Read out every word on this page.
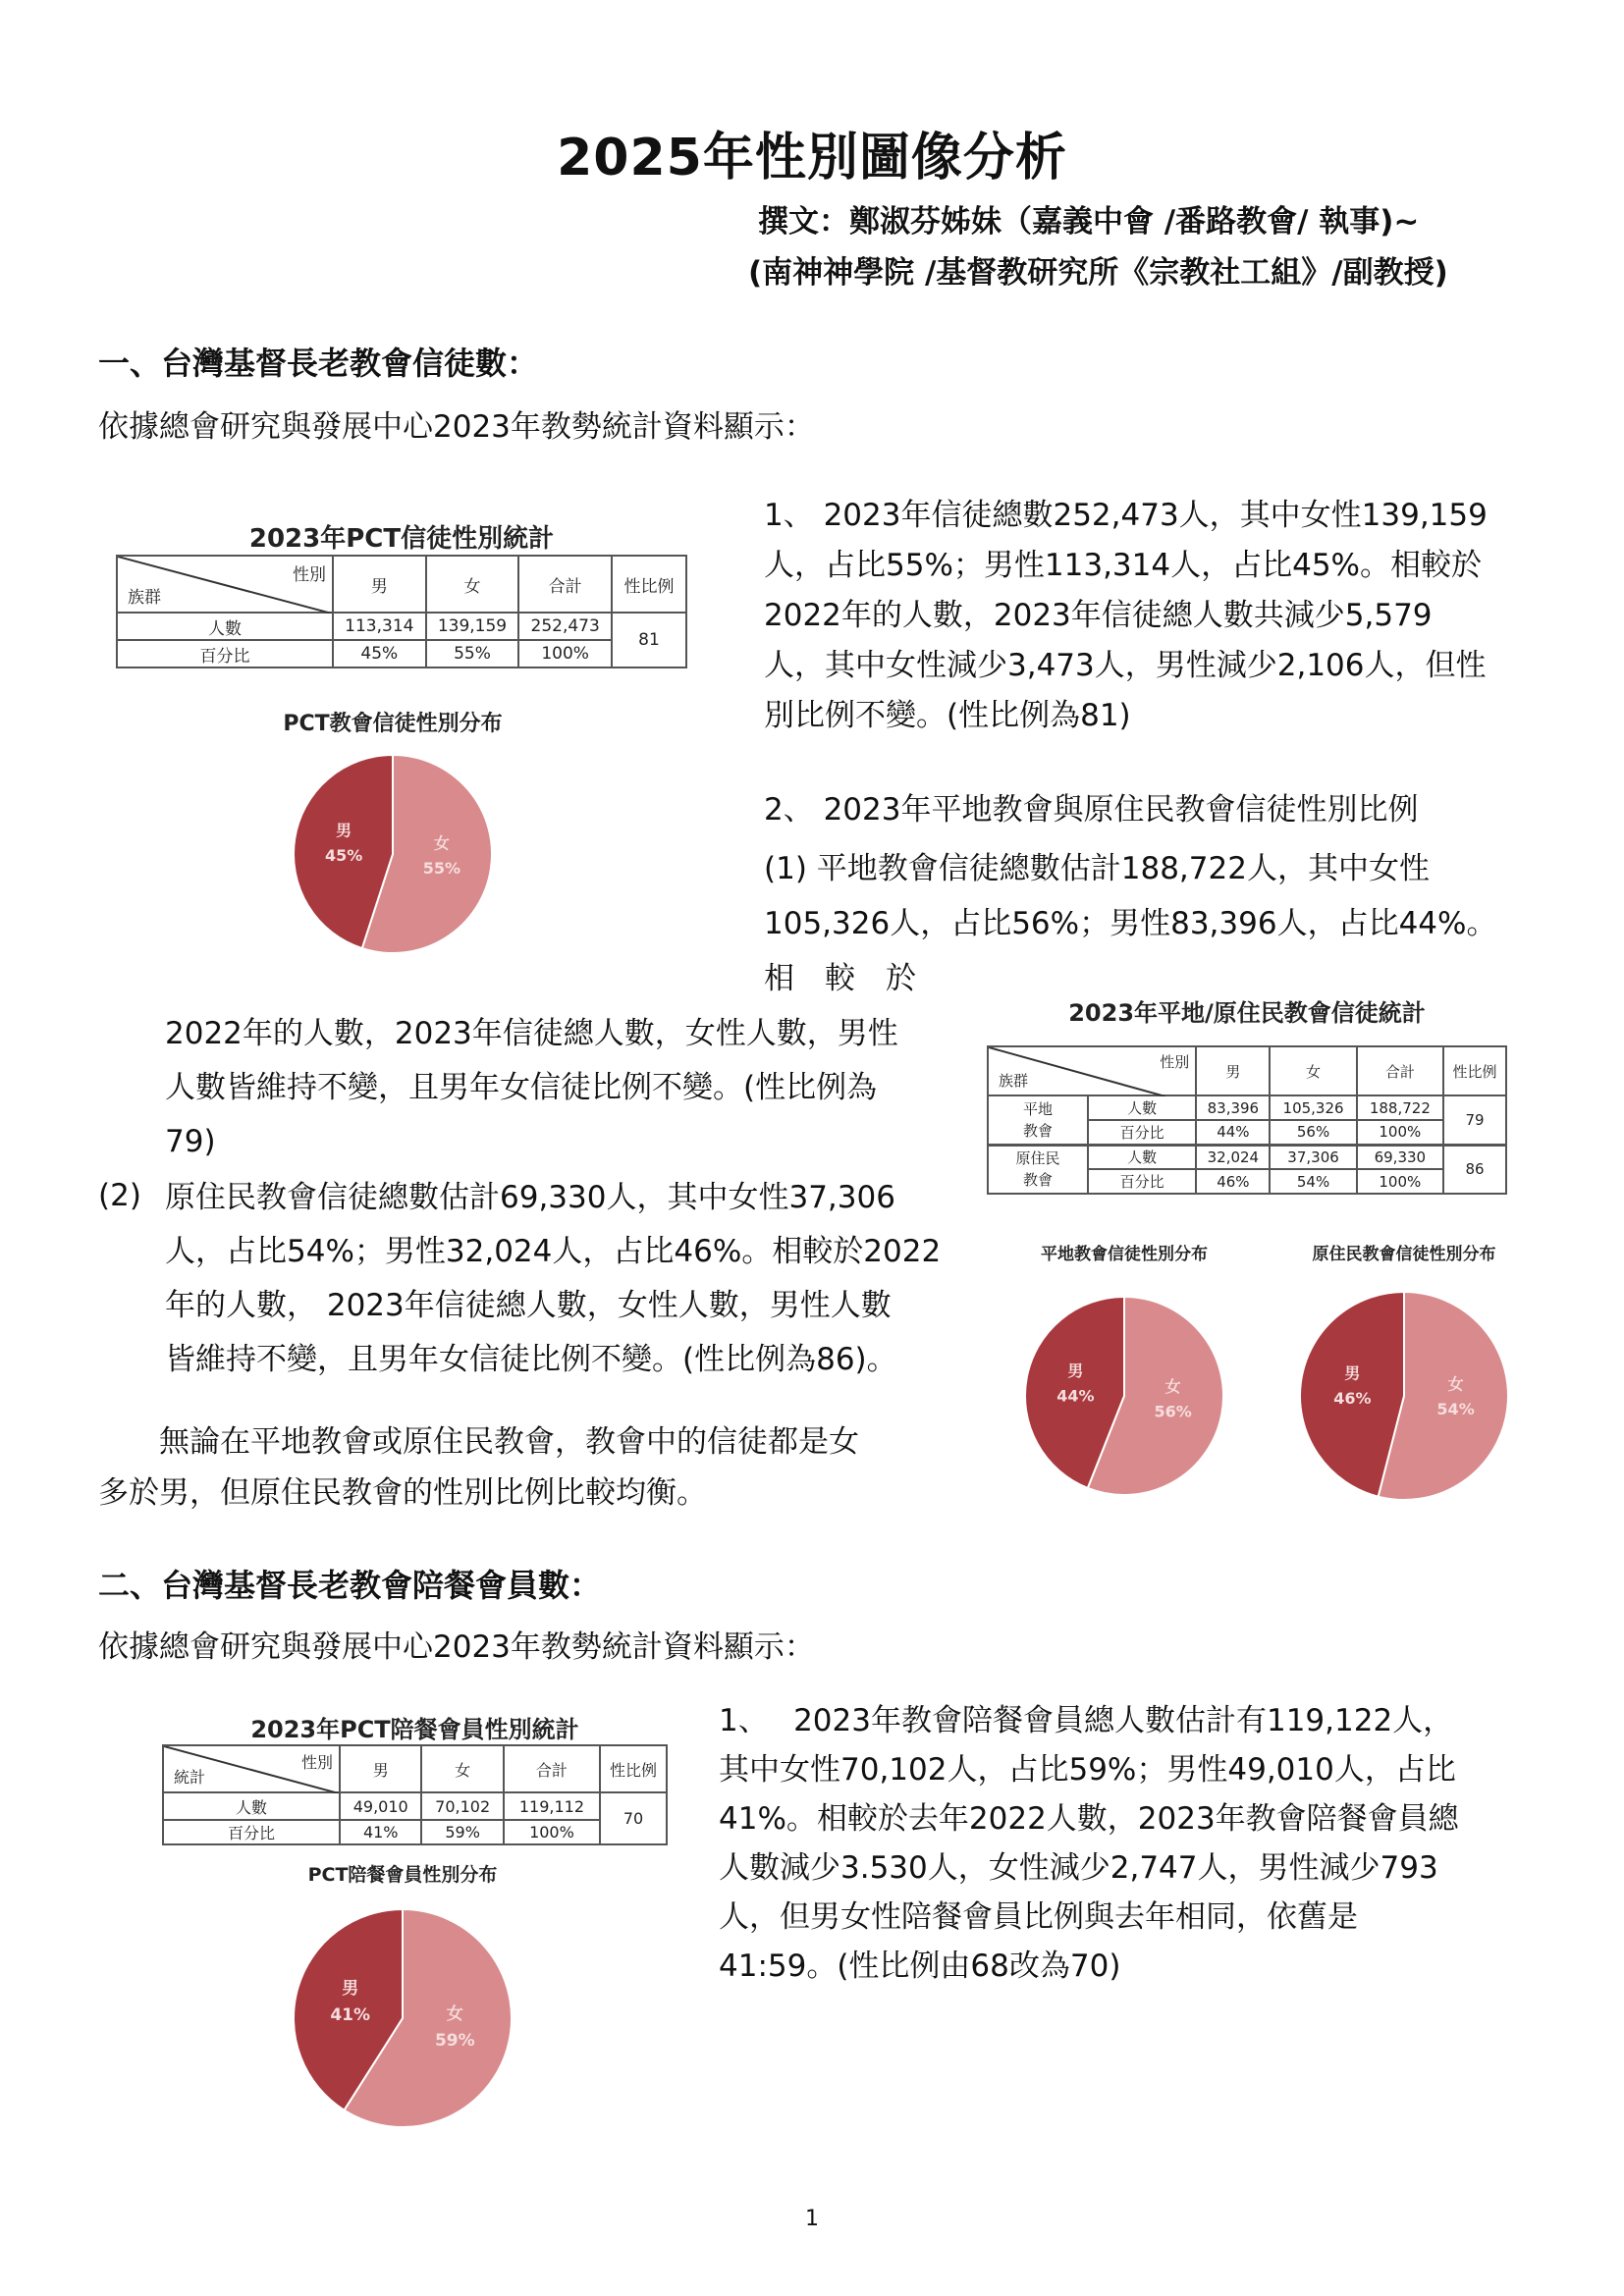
2025年性別圖像分析
撰文：鄭淑芬姊妹（嘉義中會 /番路教會/ 執事)~
(南神神學院 /基督教研究所《宗教社工組》/副教授)
一、台灣基督長老教會信徒數：
依據總會研究與發展中心2023年教勢統計資料顯示：
2023年PCT信徒性別統計
性別
族群	男	女	合計	性比例
人數	113,314	139,159	252,473	81
百分比	45%	55%	100%	
PCT教會信徒性別分布
女
55%
男
45%
1、 2023年信徒總數252,473人，其中女性139,159
人，占比55%；男性113,314人，占比45%。相較於
2022年的人數，2023年信徒總人數共減少5,579
人，其中女性減少3,473人，男性減少2,106人，但性
別比例不變。(性比例為81)
2、 2023年平地教會與原住民教會信徒性別比例
(1) 平地教會信徒總數估計188,722人，其中女性
105,326人，占比56%；男性83,396人，占比44%。
相　較　於
2022年的人數，2023年信徒總人數，女性人數，男性
人數皆維持不變，且男年女信徒比例不變。(性比例為
79)
(2) 原住民教會信徒總數估計69,330人，其中女性37,306
人，占比54%；男性32,024人，占比46%。相較於2022
年的人數， 2023年信徒總人數，女性人數，男性人數
皆維持不變，且男年女信徒比例不變。(性比例為86)。
　　無論在平地教會或原住民教會，教會中的信徒都是女
多於男，但原住民教會的性別比例比較均衡。
2023年平地/原住民教會信徒統計
性別
族群		男	女	合計	性比例
平地
教會	人數	83,396	105,326	188,722	79
	百分比	44%	56%	100%	
原住民
教會	人數	32,024	37,306	69,330	86
	百分比	46%	54%	100%	
平地教會信徒性別分布
女
56%
男
44%
原住民教會信徒性別分布
女
54%
男
46%
二、台灣基督長老教會陪餐會員數：
依據總會研究與發展中心2023年教勢統計資料顯示：
2023年PCT陪餐會員性別統計
性別
統計	男	女	合計	性比例
人數	49,010	70,102	119,112	70
百分比	41%	59%	100%	
PCT陪餐會員性別分布
女
59%
男
41%
1、　 2023年教會陪餐會員總人數估計有119,122人，
其中女性70,102人，占比59%；男性49,010人，占比
41%。相較於去年2022人數，2023年教會陪餐會員總
人數減少3.530人，女性減少2,747人，男性減少793
人，但男女性陪餐會員比例與去年相同，依舊是
41:59。(性比例由68改為70)
1
